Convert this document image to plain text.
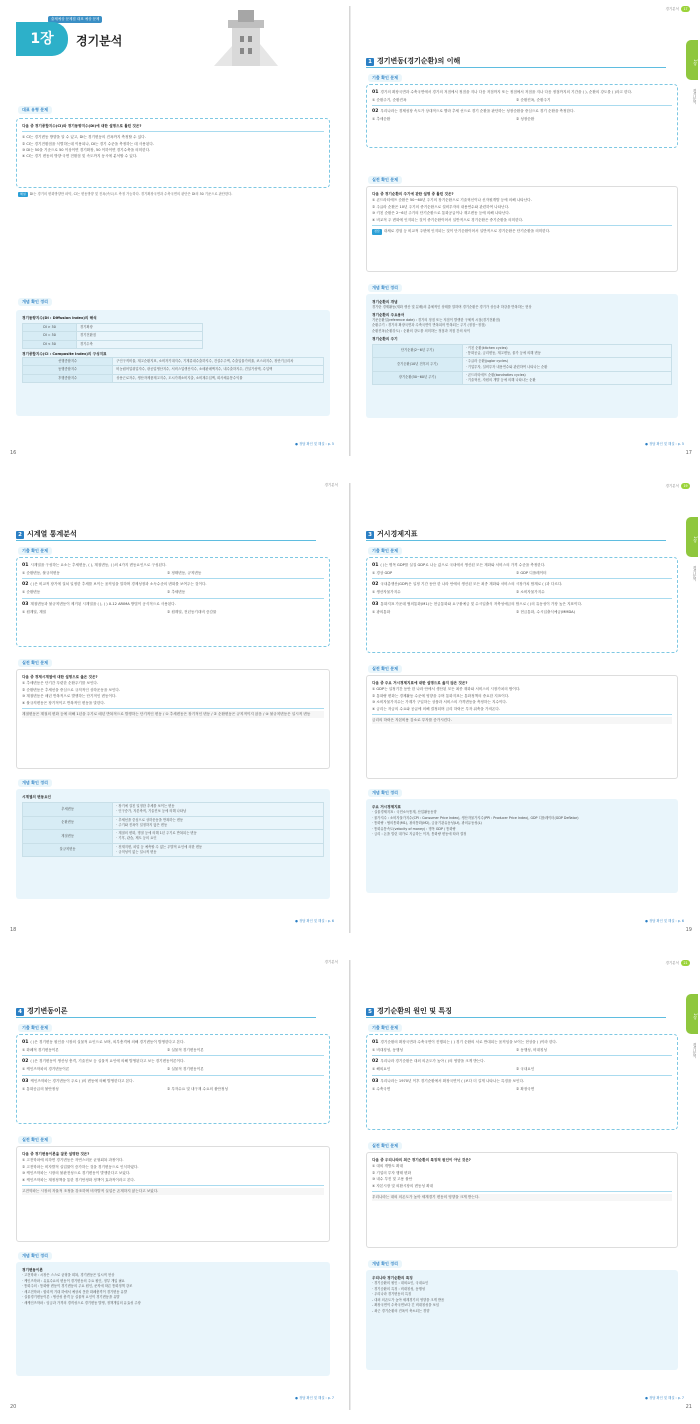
출제예상 문제집 대표 예상 문제
1장	경기분석
대표 유형 문제
다음 중 경기종합지수(CI)와 경기동향지수(DI)에 대한 설명으로 틀린 것은?
① CI는 경기변동 방향을 알 수 있고, DI는 경기변동의 진폭까지 측정할 수 있다.
② CI는 경기전환점을 식별하는데 이용되나, DI는 경기 수준을 측정하는 데 사용된다.
③ DI는 50을 기준으로 50 이상이면 경기확장, 50 이하이면 경기수축을 의미한다.
④ CI는 경기 변동의 방향·국면 전환점 및 속도까지 동시에 분석할 수 있다.
해설 DI는 경기의 변화방향만 파악, CI는 변동방향 및 진폭(속도)도 측정 가능하다. 경기확장국면과 수축국면의 판단은 DI의 50 기준으로 판단한다.
개념 확인 정리
경기동향지수(DI : Diffusion Index)의 해석
DI > 50	경기확장
DI = 50	경기전환점
DI < 50	경기수축
경기종합지수(CI : Composite Index)의 구성지표
선행종합지수	구인구직비율, 재고순환지표, 소비자기대지수, 기계류내수출하지수, 건설수주액, 수출입물가비율, 코스피지수, 장단기금리차
동행종합지수	비농림어업취업자수, 광공업생산지수, 서비스업생산지수, 소매판매액지수, 내수출하지수, 건설기성액, 수입액
후행종합지수	상용근로자수, 생산자제품재고지수, 도시가계소비지출, 소비재수입액, 회사채유통수익률
● 정답 확인 및 해설 : p. 5
16
경기분석 17
1장
경기분석
1 경기변동(경기순환)의 이해
기출 확인 문제
01 경기의 확장국면과 수축국면에서 경기의 저점에서 정점을 지나 다음 저점까지 또는 정점에서 저점을 지나 다음 정점까지의 기간을 ( ), 순환의 강도를 ( )라고 한다.
① 순환주기, 순환진폭	② 순환진폭, 순환주기
02 우리나라는 경제성장 속도가 상대적으로 빨라 추세 선으로 경기 순환을 판단하는 성장순환을 중심으로 경기 순환을 측정한다.
① 추세순환	② 성장순환
실전 확인 문제
다음 중 경기순환의 주기에 관한 설명 중 틀린 것은?
① 콘드라티에프 순환은 50~60년 주기의 장기순환으로 기술혁신이나 신자원개발 등에 의해 나타난다.
② 주글라 순환은 10년 주기의 중기순환으로 설비투자의 내용연수와 관련하여 나타난다.
③ 키친 순환은 2~6년 주기의 단기순환으로 통화공급이나 재고변동 등에 의해 나타난다.
④ 비교적 주 변화에 인지되는 것이 중기순환이어서 일반적으로 경기순환은 중기순환을 의미한다.
정답 대체로 경험 등 비교적 주변에 인지되는 것이 단기순환이어서 일반적으로 경기순환은 단기순환을 의미한다.
개념 확인 정리
경기순환의 개념
경기란 경제활동(재화 생산 및 분배)의 총체적인 상태를 말하며 경기순환은 경기가 상승과 하강을 반복하는 현상
경기순환의 주요용어
기준순환일(reference date) : 경기의 정점 또는 저점이 발생한 구체적 시점(경기전환점)
순환주기 : 경기의 확장국면과 수축국면이 반복되어 반복되는 주기 (정점~정점)
순환진폭(순환강도) : 순환의 강도를 의미하는 정점과 저점 간의 차이
경기순환의 주기
단기순환(2~6년 주기)	· 키친 순환(kitchen cycles)
· 통화공급, 금리변동, 재고변동, 물가 등에 의해 변동
중기순환(10년 전후의 주기)	· 주글라 순환(juglar cycles)
· 기업투자, 설비투자 내용연수와 관련하여 나타나는 순환
장기순환(50~60년 주기)	· 콘드라티에프 순환(kondratiev cycles)
· 기술혁신, 자원의 개발 등에 의해 나타나는 순환
● 정답 확인 및 해설 : p. 5
17
경기분석
2 시계열 통계분석
기출 확인 문제
01 시계열을 구성하는 요소는 추세변동, ( ), 계절변동, ( )의 4가지 변동요인으로 구성된다.
① 순환변동, 불규칙변동	② 정태변동, 규칙변동
02 ( )은 비교적 장기에 걸쳐 일정한 추세를 보이는 움직임을 말하며 경제성장과 소득수준의 변화를 보여주는 것이다.
① 순환변동	② 추세변동
03 계절변동과 불규칙변동이 제거된 시계열을 ( ), ( ) X-12 ARIMA 방법이 공식적으로 사용된다.
① 원계열, 계열	② 원계열, 전년동기대비 증감률
실전 확인 문제
다음 중 경제시계열에 대한 설명으로 옳은 것은?
① 추세변동은 단기간 뚜렷한 순환주기를 보인다.
② 순환변동은 추세선을 중심으로 규칙적인 상하운동을 보인다.
③ 계절변동은 매년 반복적으로 발생하는 단기적인 변동이다.
④ 불규칙변동은 장기적이고 반복적인 변동을 말한다.
계절변동은 계절의 변화 등에 의해 1년을 주기로 매년 반복적으로 발생하는 단기적인 변동 / ① 추세변동은 장기적인 변동 / ② 순환변동은 규칙적이지 않음 / ④ 불규칙변동은 일시적 변동
개념 확인 정리
시계열의 변동요인
추세변동	· 장기에 걸친 일정한 추세를 보이는 변동
· 인구증가, 자본축적, 기술진보 등에 의해 나타남
순환변동	· 추세선을 중심으로 상하운동을 반복하는 변동
· 주기와 진폭이 일정하지 않은 변동
계절변동	· 계절의 변화, 명절 등에 의해 1년 주기로 반복되는 변동
· 기후, 관습, 제도 등의 요인
불규칙변동	· 천재지변, 파업 등 예측할 수 없는 우발적 요인에 의한 변동
· 규칙성이 없는 일시적 변동
● 정답 확인 및 해설 : p. 6
18
경기분석 19
1장
경기분석
3 거시경제지표
기출 확인 문제
01 ( )는 명목 GDP를 실질 GDP로 나눈 값으로 국내에서 생산된 모든 재화와 서비스의 가격 수준을 측정한다.
① 경상 GDP	② GDP 디플레이터
02 국내총생산(GDP)은 일정 기간 동안 한 나라 안에서 생산된 모든 최종 재화와 서비스의 시장가치 합계로 ( )과 다르다.
① 생산자물가지수	② 소비자물가지수
03 통화지표 가운데 협의통화(M1)는 현금통화와 요구불예금 및 수시입출식 저축성예금의 합으로 ( )의 유동성이 가장 높은 지표이다.
① 광의통화	② 현금통화, 수시입출식예금(MMDA)
실전 확인 문제
다음 중 주요 거시경제지표에 대한 설명으로 옳지 않은 것은?
① GDP는 일정기간 동안 한 나라 안에서 생산된 모든 최종 재화와 서비스의 시장가치의 합이다.
② 통화량 변화는 경제활동 수준에 영향을 주며 통화지표는 통화정책의 중요한 지표이다.
③ 소비자물가지수는 가계가 구입하는 상품과 서비스의 가격변동을 측정하는 지수이다.
④ 금리는 자금의 수요와 공급에 의해 결정되며 금리 하락은 투자 위축을 가져온다.
금리의 하락은 자본비용 감소로 투자를 증가시킨다.
개념 확인 정리
주요 거시경제지표
· 실물경제지표 : 국민소득통계, 산업활동동향
· 물가지수 : 소비자물가지수(CPI : Consumer Price Index), 생산자물가지수(PPI : Producer Price Index), GDP 디플레이터(GDP Deflator)
· 통화량 : 협의통화(M1), 광의통화(M2), 금융기관유동성(Lf), 광의유동성(L)
· 통화유통속도(velocity of money) : 명목 GDP / 통화량
· 금리 : 돈을 빌린 대가로 지급하는 이자, 통화량 변동에 따라 결정
● 정답 확인 및 해설 : p. 6
19
경기분석
4 경기변동이론
기출 확인 문제
01 ( )은 경기변동 원인을 시장의 실물적 요인으로 보며, 외부충격에 의해 경기변동이 발생한다고 본다.
① 화폐적 경기변동이론	② 실물적 경기변동이론
02 ( )은 경기변동이 생산성 충격, 기술진보 등 실물적 요인에 의해 발생된다고 보는 경기변동이론이다.
① 케인즈학파의 경기변동이론	② 실물적 경기변동이론
03 케인즈학파는 경기변동이 주로 ( )의 변동에 의해 발생한다고 본다.
① 통화공급의 불안정성	② 투자수요 및 내구재 수요의 불안정성
실전 확인 문제
다음 중 경기변동이론을 잘못 설명한 것은?
① 고전학파에 의하면 경기변동은 자연스러운 균형회복 과정이다.
② 고전학파는 비자발적 실업률이 증가하는 것을 경기변동으로 인식하였다.
③ 케인즈학파는 시장의 불완전성으로 경기변동이 발생한다고 보았다.
④ 케인즈학파는 재정정책을 통한 경기안정화 정책이 효과적이라고 본다.
고전학파는 시장의 자율적 조정을 강조하며 비자발적 실업은 존재하지 않는다고 보았다.
개념 확인 정리
경기변동이론
· 고전학파 : 시장은 스스로 균형을 회복, 경기변동은 일시적 현상
· 케인즈학파 : 유효수요의 변동이 경기변동의 주요 원인, 정부 개입 필요
· 통화주의 : 통화량 변동이 경기변동의 주요 원인, 준칙에 따른 통화정책 강조
· 새고전학파 : 합리적 기대 하에서 예상치 못한 화폐충격이 경기변동 유발
· 실물경기변동이론 : 생산성 충격 등 실물적 요인이 경기변동을 유발
· 새케인즈학파 : 임금과 가격의 경직성으로 경기변동 발생, 정책개입의 유효성 주장
● 정답 확인 및 해설 : p. 7
20
경기분석 21
1장
경기분석
5 경기순환의 원인 및 특징
기출 확인 문제
01 경기순환의 확장국면과 수축국면이 진행되는 ( ) 경기 순환의 서로 반대되는 움직임을 보이는 현상을 ( )이라 한다.
① 비대칭성, 동행성	② 동행성, 비대칭성
02 우리나라 경기순환은 대외 의존도가 높아 ( )의 영향을 크게 받는다.
① 해외요인	② 국내요인
03 우리나라는 1970년 이후 경기순환에서 확장국면이 ( )보다 더 길게 나타나는 특징을 보인다.
① 수축국면	② 확장국면
실전 확인 문제
다음 중 우리나라의 최근 경기순환의 특징적 원인이 아닌 것은?
① 대외 개방도 확대
② 기업의 투자 행태 변화
③ 내수 부진 및 고용 불안
④ 자본시장 및 외환시장의 변동성 확대
우리나라는 대외 의존도가 높아 세계경기 변동의 영향을 크게 받는다.
개념 확인 정리
우리나라 경기순환의 특징
· 경기순환의 원인 : 대외요인, 국내요인
· 경기순환의 특징 : 비대칭성, 동행성
· 우리나라 경기변동의 특징
- 대외 의존도가 높아 세계경기의 영향을 크게 받음
- 확장국면이 수축국면보다 긴 비대칭성을 보임
- 최근 경기순환의 진폭이 축소되는 경향
● 정답 확인 및 해설 : p. 7
21
